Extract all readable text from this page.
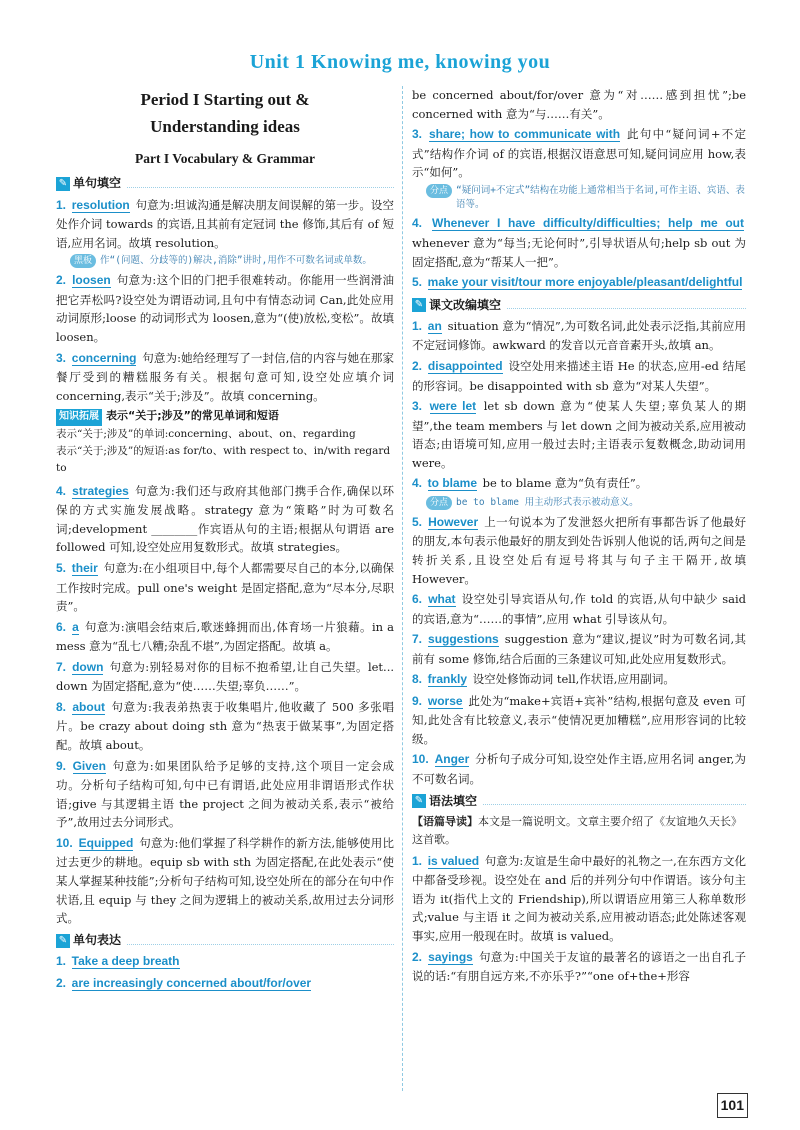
Unit 1 Knowing me, knowing you
Period I Starting out &
Understanding ideas
Part I Vocabulary & Grammar
✎ 单句填空
1. resolution 句意为:坦诚沟通是解决朋友间误解的第一步。设空处作介词 towards 的宾语,且其前有定冠词 the 修饰,其后有 of 短语,应用名词。故填 resolution。
黑板 作“(问题、分歧等的)解决,消除”讲时,用作不可数名词或单数。
2. loosen 句意为:这个旧的门把手很难转动。你能用一些润滑油把它弄松吗?设空处为谓语动词,且句中有情态动词 Can,此处应用动词原形;loose 的动词形式为 loosen,意为“(使)放松,变松”。故填 loosen。
3. concerning 句意为:她给经理写了一封信,信的内容与她在那家餐厅受到的糟糕服务有关。根据句意可知,设空处应填介词 concerning,表示“关于;涉及”。故填 concerning。
知识拓展 表示“关于;涉及”的常见单词和短语
表示“关于;涉及”的单词:concerning、about、on、regarding
表示“关于;涉及”的短语:as for/to、with respect to、in/with regard to
4. strategies 句意为:我们还与政府其他部门携手合作,确保以环保的方式实施发展战略。strategy 意为“策略”时为可数名词;development ________作宾语从句的主语;根据从句谓语 are followed 可知,设空处应用复数形式。故填 strategies。
5. their 句意为:在小组项目中,每个人都需要尽自己的本分,以确保工作按时完成。pull one's weight 是固定搭配,意为“尽本分,尽职责”。
6. a 句意为:演唱会结束后,歌迷蜂拥而出,体育场一片狼藉。in a mess 意为“乱七八糟;杂乱不堪”,为固定搭配。故填 a。
7. down 句意为:别轻易对你的目标不抱希望,让自己失望。let... down 为固定搭配,意为“使……失望;辜负……”。
8. about 句意为:我表弟热衷于收集唱片,他收藏了 500 多张唱片。be crazy about doing sth 意为“热衷于做某事”,为固定搭配。故填 about。
9. Given 句意为:如果团队给予足够的支持,这个项目一定会成功。分析句子结构可知,句中已有谓语,此处应用非谓语形式作状语;give 与其逻辑主语 the project 之间为被动关系,表示“被给予”,故用过去分词形式。
10. Equipped 句意为:他们掌握了科学耕作的新方法,能够使用比过去更少的耕地。equip sb with sth 为固定搭配,在此处表示“使某人掌握某种技能”;分析句子结构可知,设空处所在的部分在句中作状语,且 equip 与 they 之间为逻辑上的被动关系,故用过去分词形式。
✎ 单句表达
1. Take a deep breath
2. are increasingly concerned about/for/over
be concerned about/for/over 意为“对……感到担忧”;be concerned with 意为“与……有关”。
3. share; how to communicate with 此句中“疑问词+不定式”结构作介词 of 的宾语,根据汉语意思可知,疑问词应用 how,表示“如何”。
分点 “疑问词+不定式”结构在功能上通常相当于名词,可作主语、宾语、表语等。
4. Whenever I have difficulty/difficulties; help me out whenever 意为“每当;无论何时”,引导状语从句;help sb out 为固定搭配,意为“帮某人一把”。
5. make your visit/tour more enjoyable/pleasant/delightful
✎ 课文改编填空
1. an situation 意为“情况”,为可数名词,此处表示泛指,其前应用不定冠词修饰。awkward 的发音以元音音素开头,故填 an。
2. disappointed 设空处用来描述主语 He 的状态,应用-ed 结尾的形容词。be disappointed with sb 意为“对某人失望”。
3. were let let sb down 意为“使某人失望;辜负某人的期望”,the team members 与 let down 之间为被动关系,应用被动语态;由语境可知,应用一般过去时;主语表示复数概念,助动词用 were。
4. to blame be to blame 意为“负有责任”。
分点 be to blame 用主动形式表示被动意义。
5. However 上一句说本为了发泄怒火把所有事都告诉了他最好的朋友,本句表示他最好的朋友到处告诉别人他说的话,两句之间是转折关系,且设空处后有逗号将其与句子主干隔开,故填 However。
6. what 设空处引导宾语从句,作 told 的宾语,从句中缺少 said 的宾语,意为“……的事情”,应用 what 引导该从句。
7. suggestions suggestion 意为“建议,提议”时为可数名词,其前有 some 修饰,结合后面的三条建议可知,此处应用复数形式。
8. frankly 设空处修饰动词 tell,作状语,应用副词。
9. worse 此处为“make+宾语+宾补”结构,根据句意及 even 可知,此处含有比较意义,表示“使情况更加糟糕”,应用形容词的比较级。
10. Anger 分析句子成分可知,设空处作主语,应用名词 anger,为不可数名词。
✎ 语法填空
【语篇导读】本文是一篇说明文。文章主要介绍了《友谊地久天长》这首歌。
1. is valued 句意为:友谊是生命中最好的礼物之一,在东西方文化中都备受珍视。设空处在 and 后的并列分句中作谓语。该分句主语为 it(指代上文的 Friendship),所以谓语应用第三人称单数形式;value 与主语 it 之间为被动关系,应用被动语态;此处陈述客观事实,应用一般现在时。故填 is valued。
2. sayings 句意为:中国关于友谊的最著名的谚语之一出自孔子说的话:“有朋自远方来,不亦乐乎?”“one of+the+形容
101
